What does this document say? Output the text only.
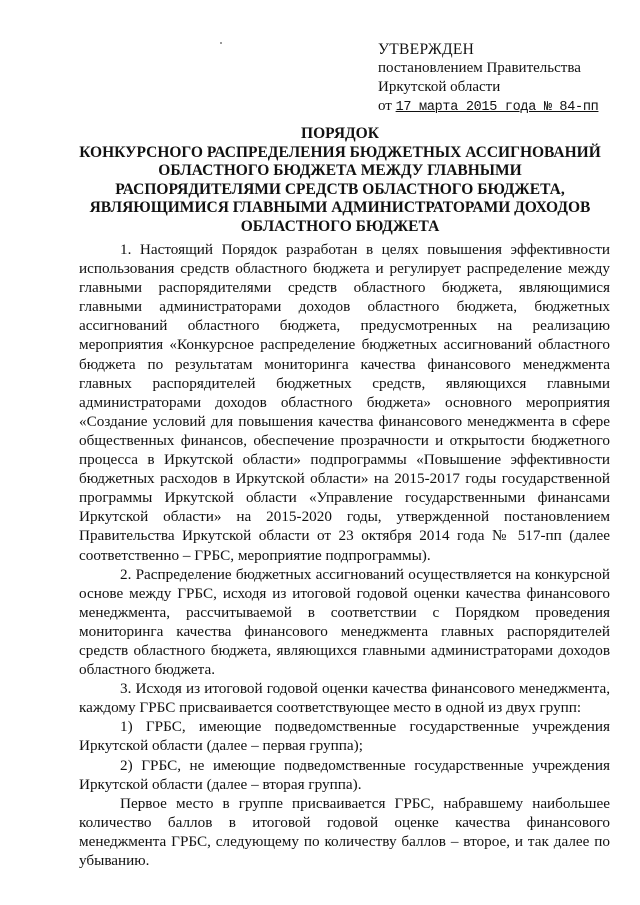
УТВЕРЖДЕН
постановлением Правительства
Иркутской области
от 17 марта 2015 года № 84-пп
ПОРЯДОК
КОНКУРСНОГО РАСПРЕДЕЛЕНИЯ БЮДЖЕТНЫХ АССИГНОВАНИЙ
ОБЛАСТНОГО БЮДЖЕТА МЕЖДУ ГЛАВНЫМИ
РАСПОРЯДИТЕЛЯМИ СРЕДСТВ ОБЛАСТНОГО БЮДЖЕТА,
ЯВЛЯЮЩИМИСЯ ГЛАВНЫМИ АДМИНИСТРАТОРАМИ ДОХОДОВ
ОБЛАСТНОГО БЮДЖЕТА

1. Настоящий Порядок разработан в целях повышения эффективности использования средств областного бюджета и регулирует распределение между главными распорядителями средств областного бюджета, являющимися главными администраторами доходов областного бюджета, бюджетных ассигнований областного бюджета, предусмотренных на реализацию мероприятия «Конкурсное распределение бюджетных ассигнований областного бюджета по результатам мониторинга качества финансового менеджмента главных распорядителей бюджетных средств, являющихся главными администраторами доходов областного бюджета» основного мероприятия «Создание условий для повышения качества финансового менеджмента в сфере общественных финансов, обеспечение прозрачности и открытости бюджетного процесса в Иркутской области» подпрограммы «Повышение эффективности бюджетных расходов в Иркутской области» на 2015-2017 годы государственной программы Иркутской области «Управление государственными финансами Иркутской области» на 2015-2020 годы, утвержденной постановлением Правительства Иркутской области от 23 октября 2014 года № 517-пп (далее соответственно – ГРБС, мероприятие подпрограммы).

2. Распределение бюджетных ассигнований осуществляется на конкурсной основе между ГРБС, исходя из итоговой годовой оценки качества финансового менеджмента, рассчитываемой в соответствии с Порядком проведения мониторинга качества финансового менеджмента главных распорядителей средств областного бюджета, являющихся главными администраторами доходов областного бюджета.

3. Исходя из итоговой годовой оценки качества финансового менеджмента, каждому ГРБС присваивается соответствующее место в одной из двух групп:

1) ГРБС, имеющие подведомственные государственные учреждения Иркутской области (далее – первая группа);

2) ГРБС, не имеющие подведомственные государственные учреждения Иркутской области (далее – вторая группа).

Первое место в группе присваивается ГРБС, набравшему наибольшее количество баллов в итоговой годовой оценке качества финансового менеджмента ГРБС, следующему по количеству баллов – второе, и так далее по убыванию.
